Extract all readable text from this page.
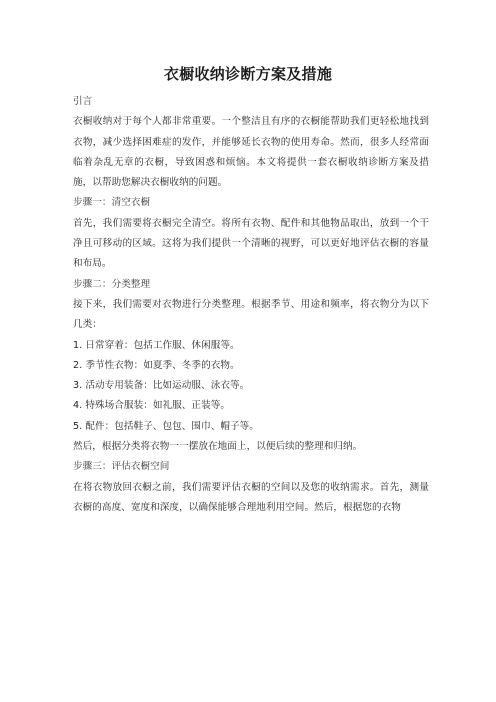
衣橱收纳诊断方案及措施

引言

衣橱收纳对于每个人都非常重要。一个整洁且有序的衣橱能帮助我们更轻松地找到衣物，减少选择困难症的发作，并能够延长衣物的使用寿命。然而，很多人经常面临着杂乱无章的衣橱，导致困惑和烦恼。本文将提供一套衣橱收纳诊断方案及措施，以帮助您解决衣橱收纳的问题。

步骤一：清空衣橱

首先，我们需要将衣橱完全清空。将所有衣物、配件和其他物品取出，放到一个干净且可移动的区域。这将为我们提供一个清晰的视野，可以更好地评估衣橱的容量和布局。

步骤二：分类整理

接下来，我们需要对衣物进行分类整理。根据季节、用途和频率，将衣物分为以下几类：

1. 日常穿着：包括工作服、休闲服等。

2. 季节性衣物：如夏季、冬季的衣物。

3. 活动专用装备：比如运动服、泳衣等。

4. 特殊场合服装：如礼服、正装等。

5. 配件：包括鞋子、包包、围巾、帽子等。

然后，根据分类将衣物一一摆放在地面上，以便后续的整理和归纳。

步骤三：评估衣橱空间

在将衣物放回衣橱之前，我们需要评估衣橱的空间以及您的收纳需求。首先，测量衣橱的高度、宽度和深度，以确保能够合理地利用空间。然后，根据您的衣物
